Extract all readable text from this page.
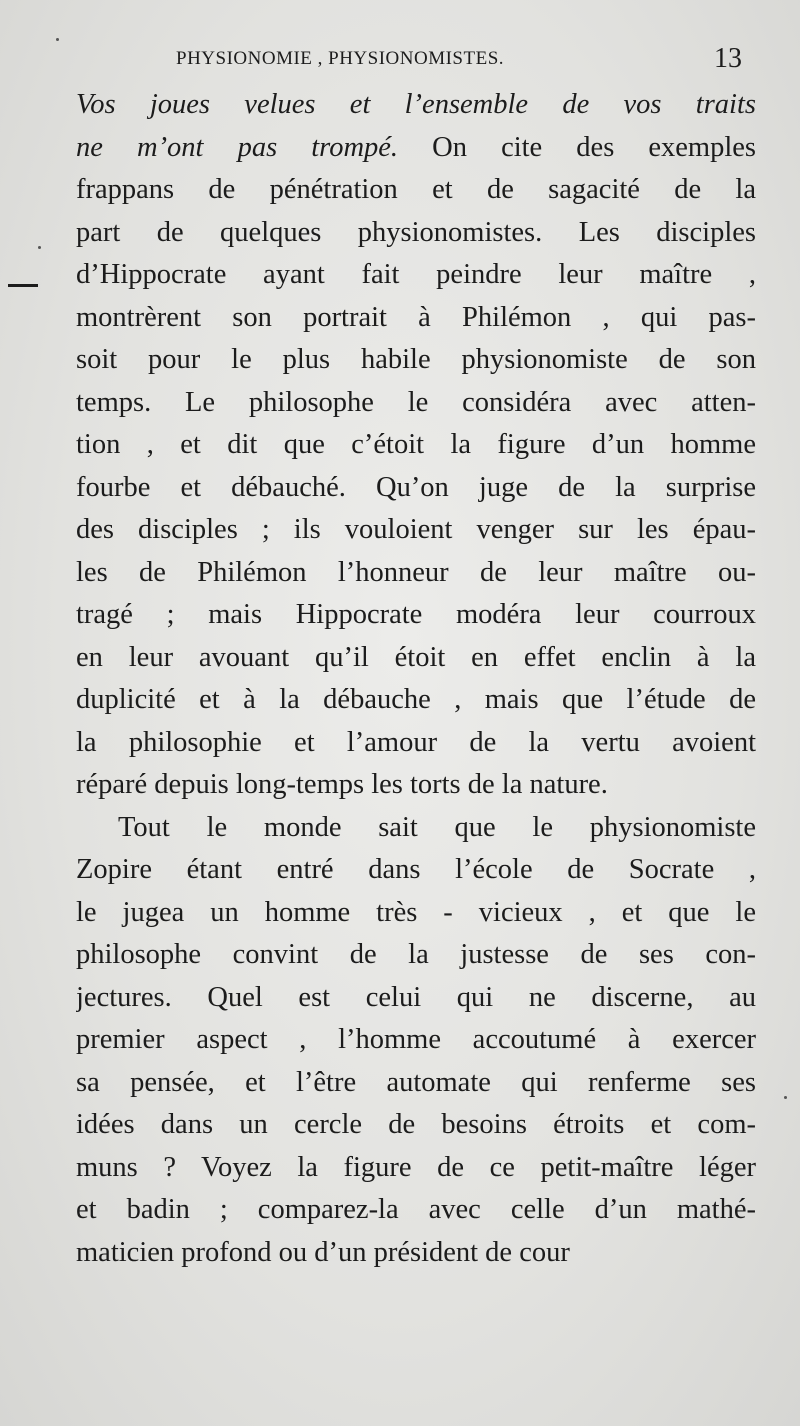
PHYSIONOMIE , PHYSIONOMISTES.	13
Vos joues velues et l’ensemble de vos traits
ne m’ont pas trompé. On cite des exemples
frappans de pénétration et de sagacité de la
part de quelques physionomistes. Les disciples
d’Hippocrate ayant fait peindre leur maître ,
montrèrent son portrait à Philémon , qui pas-
soit pour le plus habile physionomiste de son
temps. Le philosophe le considéra avec atten-
tion , et dit que c’étoit la figure d’un homme
fourbe et débauché. Qu’on juge de la surprise
des disciples ; ils vouloient venger sur les épau-
les de Philémon l’honneur de leur maître ou-
tragé ; mais Hippocrate modéra leur courroux
en leur avouant qu’il étoit en effet enclin à la
duplicité et à la débauche , mais que l’étude de
la philosophie et l’amour de la vertu avoient
réparé depuis long-temps les torts de la nature.
Tout le monde sait que le physionomiste
Zopire étant entré dans l’école de Socrate ,
le jugea un homme très - vicieux , et que le
philosophe convint de la justesse de ses con-
jectures. Quel est celui qui ne discerne, au
premier aspect , l’homme accoutumé à exercer
sa pensée, et l’être automate qui renferme ses
idées dans un cercle de besoins étroits et com-
muns ? Voyez la figure de ce petit-maître léger
et badin ; comparez-la avec celle d’un mathé-
maticien profond ou d’un président de cour
